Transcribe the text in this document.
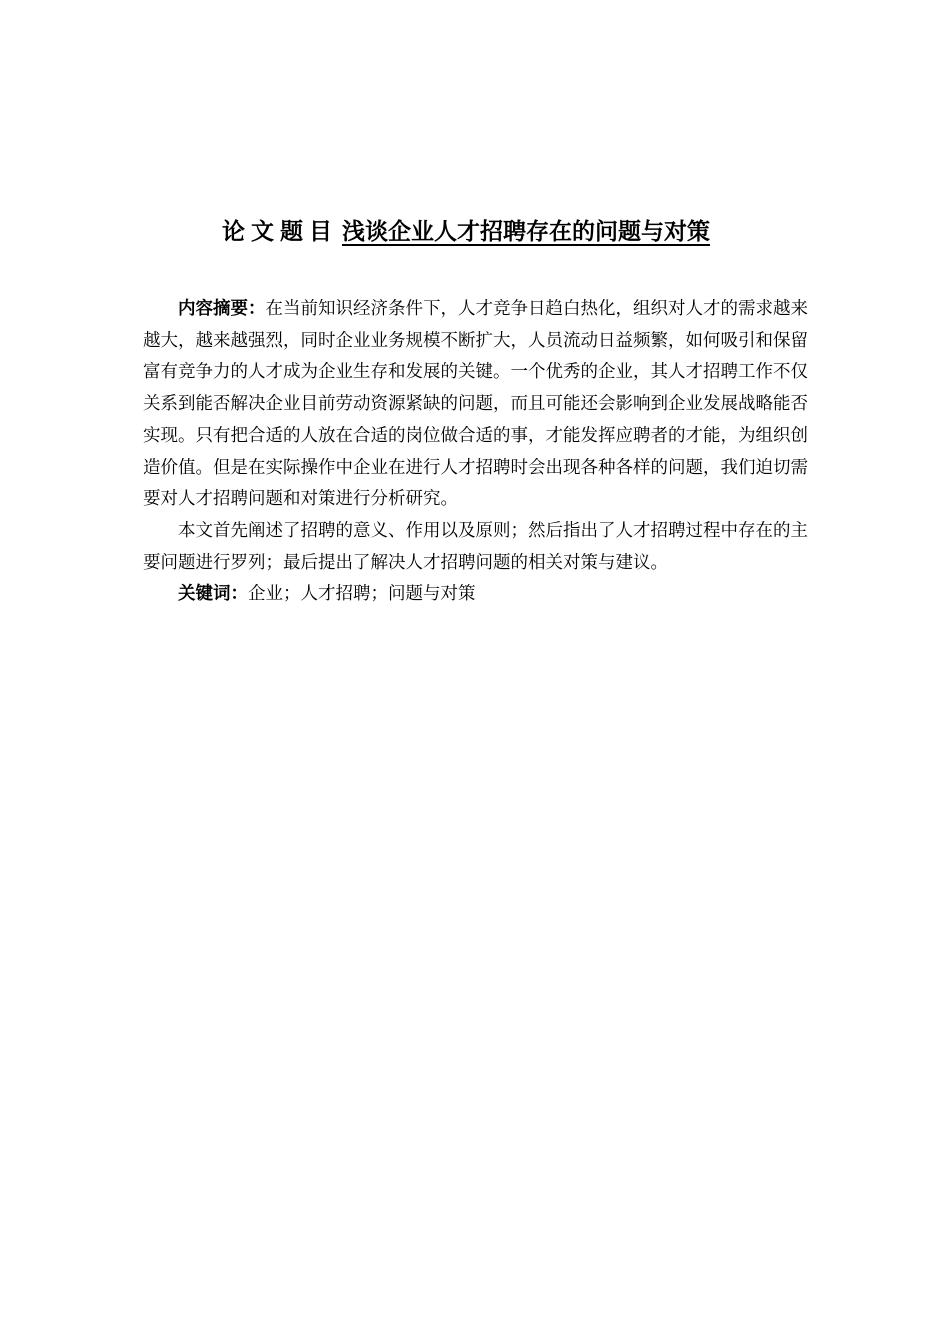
论文题目 浅谈企业人才招聘存在的问题与对策

内容摘要：在当前知识经济条件下，人才竞争日趋白热化，组织对人才的需求越来越大，越来越强烈，同时企业业务规模不断扩大，人员流动日益频繁，如何吸引和保留富有竞争力的人才成为企业生存和发展的关键。一个优秀的企业，其人才招聘工作不仅关系到能否解决企业目前劳动资源紧缺的问题，而且可能还会影响到企业发展战略能否实现。只有把合适的人放在合适的岗位做合适的事，才能发挥应聘者的才能，为组织创造价值。但是在实际操作中企业在进行人才招聘时会出现各种各样的问题，我们迫切需要对人才招聘问题和对策进行分析研究。

本文首先阐述了招聘的意义、作用以及原则；然后指出了人才招聘过程中存在的主要问题进行罗列；最后提出了解决人才招聘问题的相关对策与建议。

关键词：企业；人才招聘；问题与对策
